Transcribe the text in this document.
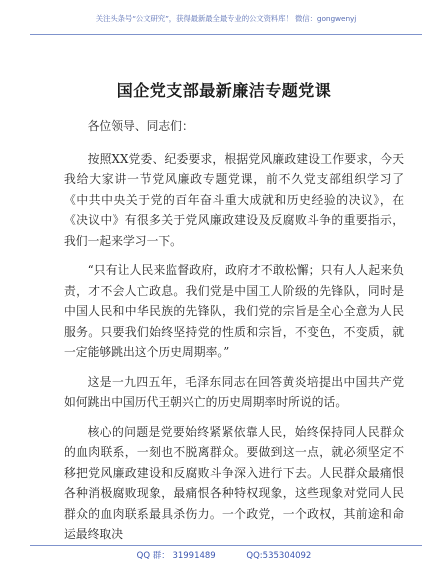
关注头条号“公文研究”，获得最新最全最专业的公文资料库！ 微信：gongwenyj
国企党支部最新廉洁专题党课

各位领导、同志们：

按照XX党委、纪委要求，根据党风廉政建设工作要求，今天我给大家讲一节党风廉政专题党课，前不久党支部组织学习了《中共中央关于党的百年奋斗重大成就和历史经验的决议》，在《决议中》有很多关于党风廉政建设及反腐败斗争的重要指示，我们一起来学习一下。

“只有让人民来监督政府，政府才不敢松懈；只有人人起来负责，才不会人亡政息。我们党是中国工人阶级的先锋队，同时是中国人民和中华民族的先锋队，我们党的宗旨是全心全意为人民服务。只要我们始终坚持党的性质和宗旨，不变色，不变质，就一定能够跳出这个历史周期率。”

这是一九四五年，毛泽东同志在回答黄炎培提出中国共产党如何跳出中国历代王朝兴亡的历史周期率时所说的话。

核心的问题是党要始终紧紧依靠人民，始终保持同人民群众的血肉联系，一刻也不脱离群众。要做到这一点，就必须坚定不移把党风廉政建设和反腐败斗争深入进行下去。人民群众最痛恨各种消极腐败现象，最痛恨各种特权现象，这些现象对党同人民群众的血肉联系最具杀伤力。一个政党，一个政权，其前途和命运最终取决

QQ 群： 31991489	QQ:535304092
